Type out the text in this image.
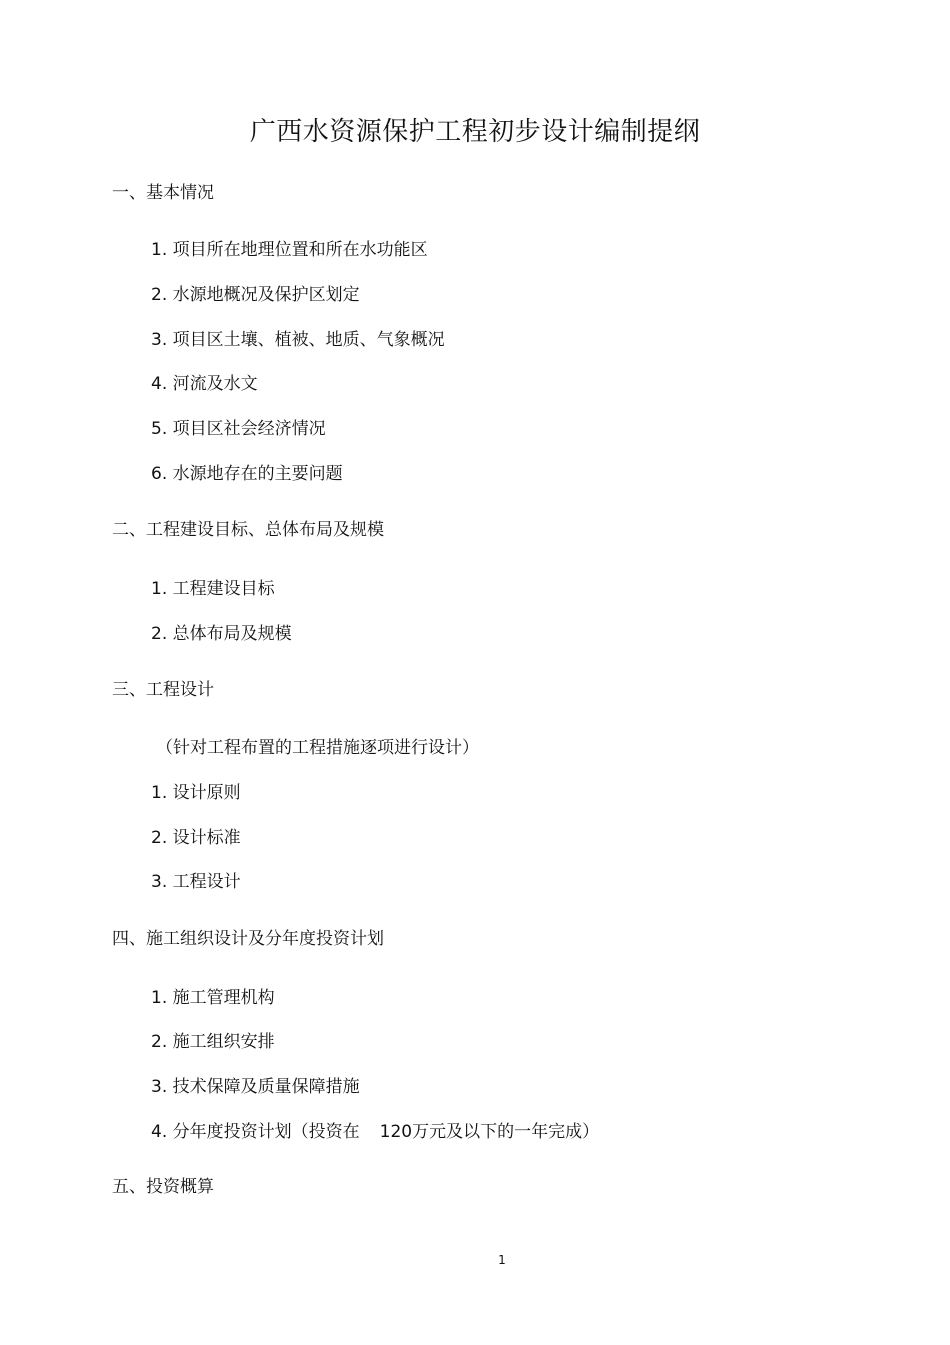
广西水资源保护工程初步设计编制提纲
一、基本情况
1. 项目所在地理位置和所在水功能区
2. 水源地概况及保护区划定
3. 项目区土壤、植被、地质、气象概况
4. 河流及水文
5. 项目区社会经济情况
6. 水源地存在的主要问题
二、工程建设目标、总体布局及规模
1. 工程建设目标
2. 总体布局及规模
三、工程设计
（针对工程布置的工程措施逐项进行设计）
1. 设计原则
2. 设计标准
3. 工程设计
四、施工组织设计及分年度投资计划
1. 施工管理机构
2. 施工组织安排
3. 技术保障及质量保障措施
4. 分年度投资计划（投资在 120万元及以下的一年完成）
五、投资概算
1
